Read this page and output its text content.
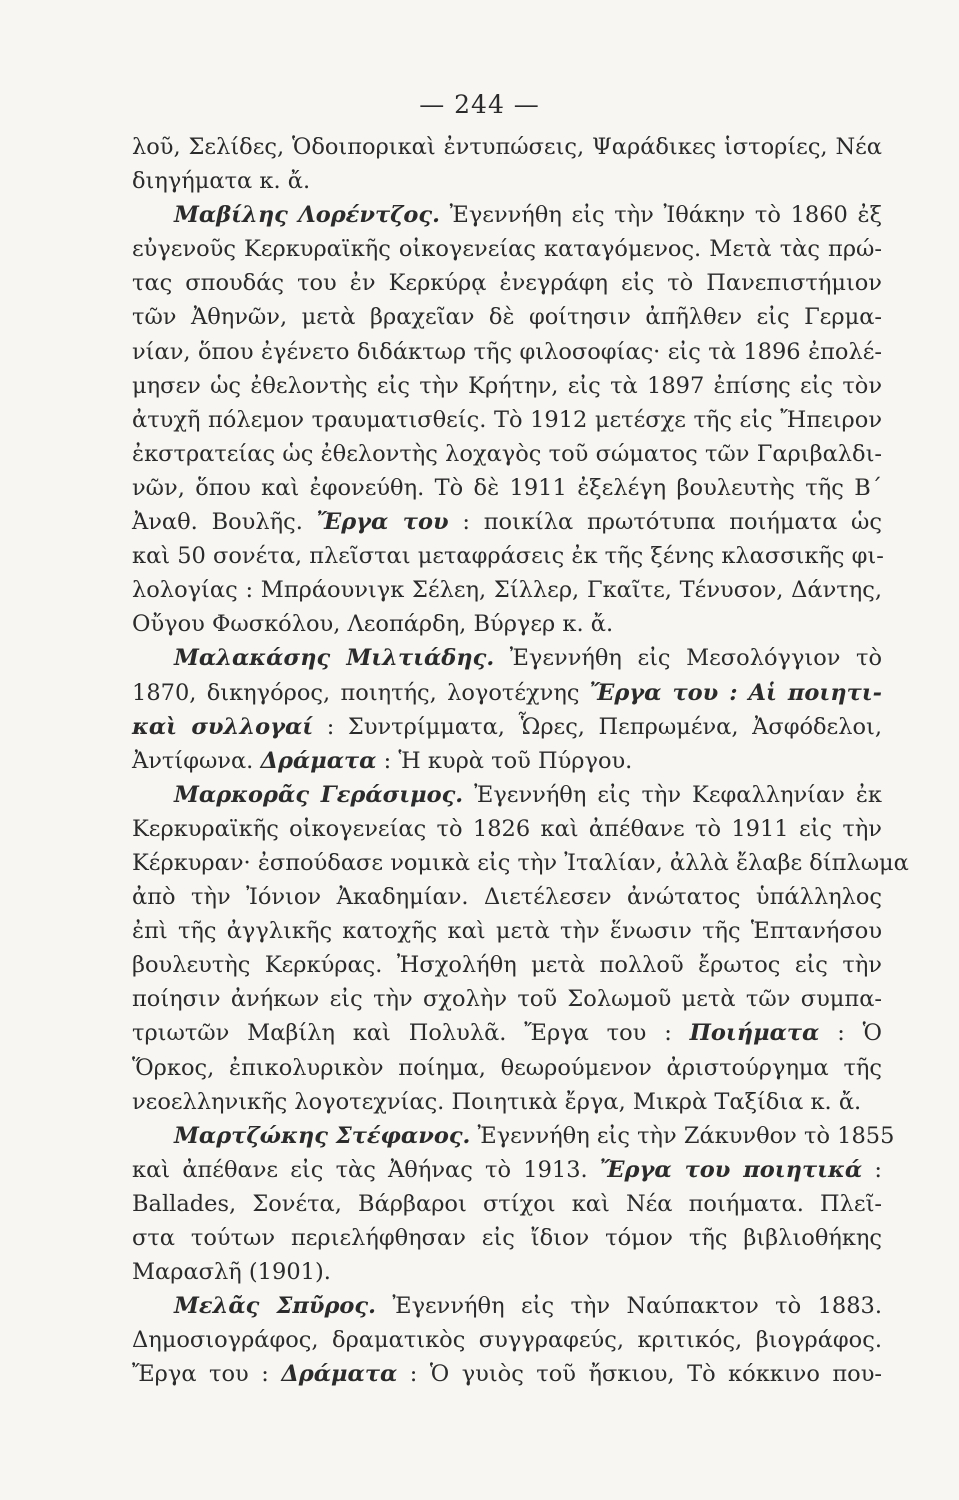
— 244 —
λοῦ, Σελίδες, Ὁδοιπορικαὶ ἐντυπώσεις, Ψαράδικες ἱστορίες, Νέα
διηγήματα κ. ἄ.
Μαβίλης Λορέντζος. Ἐγεννήθη εἰς τὴν Ἰθάκην τὸ 1860 ἐξ
εὐγενοῦς Κερκυραϊκῆς οἰκογενείας καταγόμενος. Μετὰ τὰς πρώ-
τας σπουδάς του ἐν Κερκύρᾳ ἐνεγράφη εἰς τὸ Πανεπιστήμιον
τῶν Ἀθηνῶν, μετὰ βραχεῖαν δὲ φοίτησιν ἀπῆλθεν εἰς Γερμα-
νίαν, ὅπου ἐγένετο διδάκτωρ τῆς φιλοσοφίας· εἰς τὰ 1896 ἐπολέ-
μησεν ὡς ἐθελοντὴς εἰς τὴν Κρήτην, εἰς τὰ 1897 ἐπίσης εἰς τὸν
ἀτυχῆ πόλεμον τραυματισθείς. Τὸ 1912 μετέσχε τῆς εἰς Ἤπειρον
ἐκστρατείας ὡς ἐθελοντὴς λοχαγὸς τοῦ σώματος τῶν Γαριβαλδι-
νῶν, ὅπου καὶ ἐφονεύθη. Τὸ δὲ 1911 ἐξελέγη βουλευτὴς τῆς Β΄
Ἀναθ. Βουλῆς. Ἔργα του : ποικίλα πρωτότυπα ποιήματα ὡς
καὶ 50 σονέτα, πλεῖσται μεταφράσεις ἐκ τῆς ξένης κλασσικῆς φι-
λολογίας : Μπράουνιγκ Σέλεη, Σίλλερ, Γκαῖτε, Τένυσον, Δάντης,
Οὔγου Φωσκόλου, Λεοπάρδη, Βύργερ κ. ἄ.
Μαλακάσης Μιλτιάδης. Ἐγεννήθη εἰς Μεσολόγγιον τὸ
1870, δικηγόρος, ποιητής, λογοτέχνης Ἔργα του : Αἱ ποιητι-
καὶ συλλογαί : Συντρίμματα, Ὧρες, Πεπρωμένα, Ἀσφόδελοι,
Ἀντίφωνα. Δράματα : Ἡ κυρὰ τοῦ Πύργου.
Μαρκορᾶς Γεράσιμος. Ἐγεννήθη εἰς τὴν Κεφαλληνίαν ἐκ
Κερκυραϊκῆς οἰκογενείας τὸ 1826 καὶ ἀπέθανε τὸ 1911 εἰς τὴν
Κέρκυραν· ἐσπούδασε νομικὰ εἰς τὴν Ἰταλίαν, ἀλλὰ ἔλαβε δίπλωμα
ἀπὸ τὴν Ἰόνιον Ἀκαδημίαν. Διετέλεσεν ἀνώτατος ὑπάλληλος
ἐπὶ τῆς ἀγγλικῆς κατοχῆς καὶ μετὰ τὴν ἕνωσιν τῆς Ἑπτανήσου
βουλευτὴς Κερκύρας. Ἠσχολήθη μετὰ πολλοῦ ἔρωτος εἰς τὴν
ποίησιν ἀνήκων εἰς τὴν σχολὴν τοῦ Σολωμοῦ μετὰ τῶν συμπα-
τριωτῶν Μαβίλη καὶ Πολυλᾶ. Ἔργα του : Ποιήματα : Ὁ
Ὅρκος, ἐπικολυρικὸν ποίημα, θεωρούμενον ἀριστούργημα τῆς
νεοελληνικῆς λογοτεχνίας. Ποιητικὰ ἔργα, Μικρὰ Ταξίδια κ. ἄ.
Μαρτζώκης Στέφανος. Ἐγεννήθη εἰς τὴν Ζάκυνθον τὸ 1855
καὶ ἀπέθανε εἰς τὰς Ἀθήνας τὸ 1913. Ἔργα του ποιητικά :
Ballades, Σονέτα, Βάρβαροι στίχοι καὶ Νέα ποιήματα. Πλεῖ-
στα τούτων περιελήφθησαν εἰς ἴδιον τόμον τῆς βιβλιοθήκης
Μαρασλῆ (1901).
Μελᾶς Σπῦρος. Ἐγεννήθη εἰς τὴν Ναύπακτον τὸ 1883.
Δημοσιογράφος, δραματικὸς συγγραφεύς, κριτικός, βιογράφος.
Ἔργα του : Δράματα : Ὁ γυιὸς τοῦ ἤσκιου, Τὸ κόκκινο που-
